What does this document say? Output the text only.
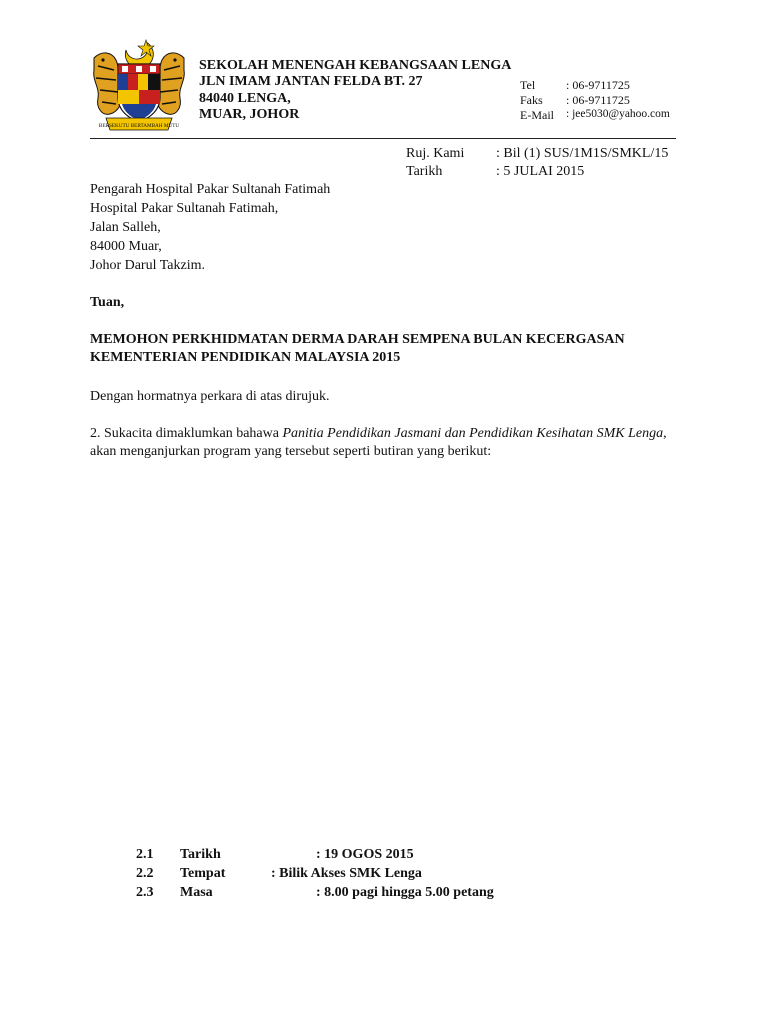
BERSEKUTU BERTAMBAH MUTU
SEKOLAH MENENGAH KEBANGSAAN LENGA
JLN IMAM JANTAN FELDA BT. 27
84040 LENGA,
MUAR, JOHOR
Tel	: 06-9711725
Faks : 06-9711725
E-Mail : jee5030@yahoo.com
Ruj. Kami : Bil (1) SUS/1M1S/SMKL/15
Tarikh	: 5 JULAI 2015
Pengarah Hospital Pakar Sultanah Fatimah
Hospital Pakar Sultanah Fatimah,
Jalan Salleh,
84000 Muar,
Johor Darul Takzim.
Tuan,
MEMOHON PERKHIDMATAN DERMA DARAH SEMPENA BULAN KECERGASAN
KEMENTERIAN PENDIDIKAN MALAYSIA 2015
Dengan hormatnya perkara di atas dirujuk.
2. Sukacita dimaklumkan bahawa Panitia Pendidikan Jasmani dan Pendidikan Kesihatan SMK Lenga,
akan menganjurkan program yang tersebut seperti butiran yang berikut:
2.1 Tarikh	: 19 OGOS 2015
2.2 Tempat	: Bilik Akses SMK Lenga
2.3 Masa	: 8.00 pagi hingga 5.00 petang
